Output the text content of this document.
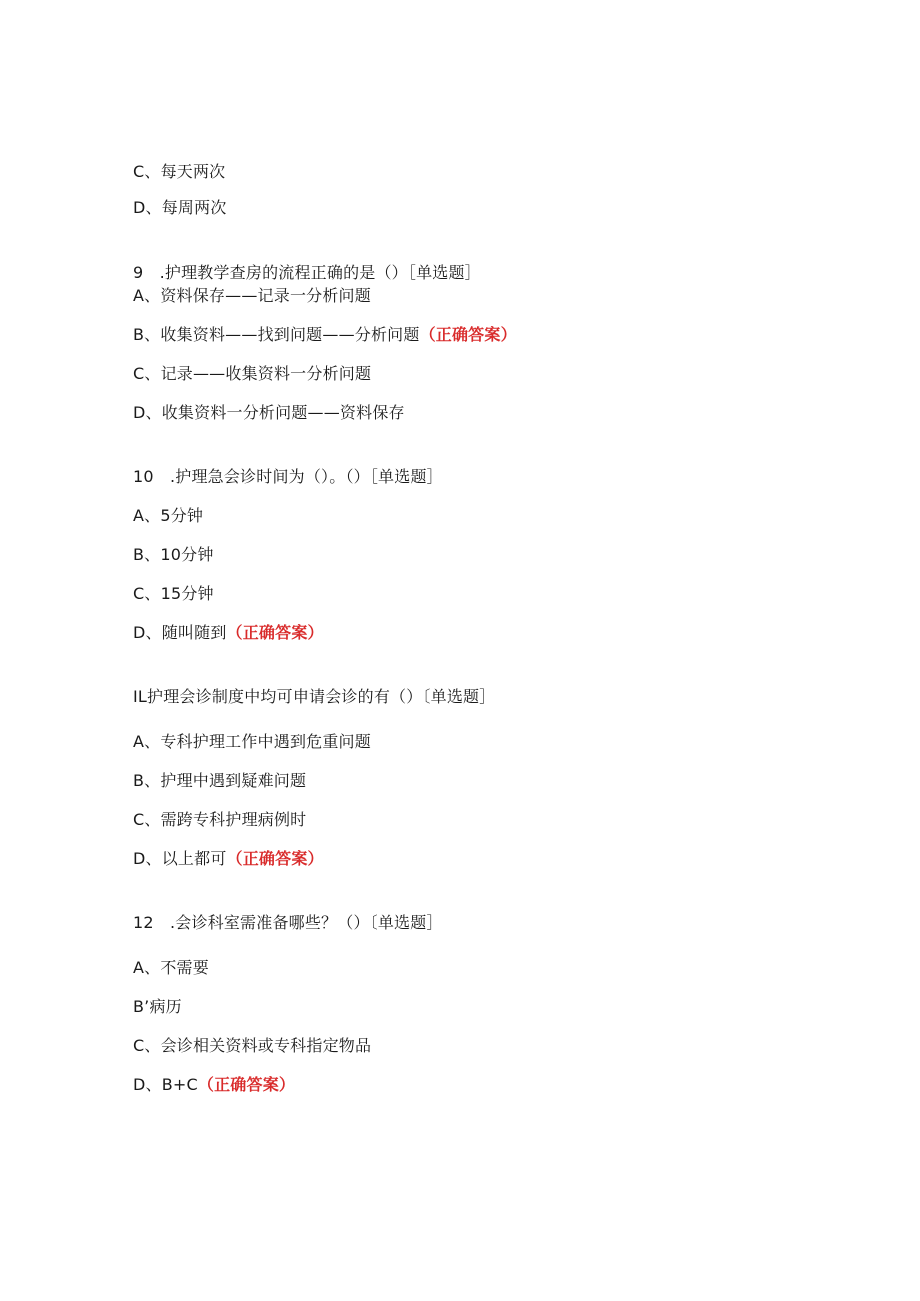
C、每天两次
D、每周两次
9　.护理教学查房的流程正确的是（）［单选题］
A、资料保存——记录一分析问题
B、收集资料——找到问题——分析问题（正确答案）
C、记录——收集资料一分析问题
D、收集资料一分析问题——资料保存
10　.护理急会诊时间为（）。（）［单选题］
A、5分钟
B、10分钟
C、15分钟
D、随叫随到（正确答案）
IL护理会诊制度中均可申请会诊的有（）〔单选题］
A、专科护理工作中遇到危重问题
B、护理中遇到疑难问题
C、需跨专科护理病例时
D、以上都可（正确答案）
12　.会诊科室需准备哪些？（）〔单选题］
A、不需要
B’病历
C、会诊相关资料或专科指定物品
D、B+C（正确答案）
